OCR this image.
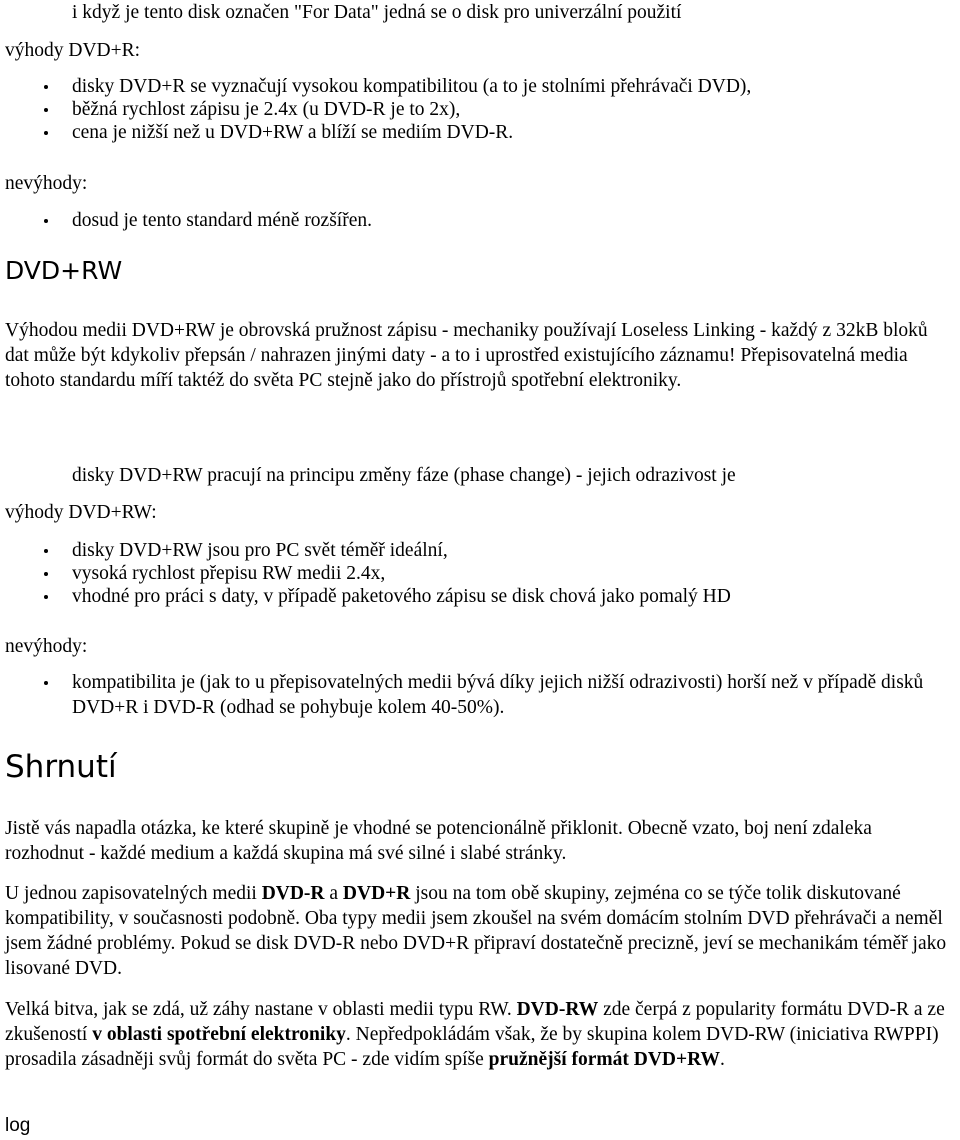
i když je tento disk označen "For Data" jedná se o disk pro univerzální použití
výhody DVD+R:
disky DVD+R se vyznačují vysokou kompatibilitou (a to je stolními přehrávači DVD),
běžná rychlost zápisu je 2.4x (u DVD-R je to 2x),
cena je nižší než u DVD+RW a blíží se mediím DVD-R.
nevýhody:
dosud je tento standard méně rozšířen.
DVD+RW

Výhodou medii DVD+RW je obrovská pružnost zápisu - mechaniky používají Loseless Linking - každý z 32kB bloků dat může být kdykoliv přepsán / nahrazen jinými daty - a to i uprostřed existujícího záznamu! Přepisovatelná media tohoto standardu míří taktéž do světa PC stejně jako do přístrojů spotřební elektroniky.

disky DVD+RW pracují na principu změny fáze (phase change) - jejich odrazivost je
výhody DVD+RW:
disky DVD+RW jsou pro PC svět téměř ideální,
vysoká rychlost přepisu RW medii 2.4x,
vhodné pro práci s daty, v případě paketového zápisu se disk chová jako pomalý HD
nevýhody:
kompatibilita je (jak to u přepisovatelných medii bývá díky jejich nižší odrazivosti) horší než v případě disků DVD+R i DVD-R (odhad se pohybuje kolem 40-50%).
Shrnutí

Jistě vás napadla otázka, ke které skupině je vhodné se potencionálně přiklonit. Obecně vzato, boj není zdaleka rozhodnut - každé medium a každá skupina má své silné i slabé stránky.

U jednou zapisovatelných medii DVD-R a DVD+R jsou na tom obě skupiny, zejména co se týče tolik diskutované kompatibility, v současnosti podobně. Oba typy medii jsem zkoušel na svém domácím stolním DVD přehrávači a neměl jsem žádné problémy. Pokud se disk DVD-R nebo DVD+R připraví dostatečně precizně, jeví se mechanikám téměř jako lisované DVD.

Velká bitva, jak se zdá, už záhy nastane v oblasti medii typu RW. DVD-RW zde čerpá z popularity formátu DVD-R a ze zkušeností v oblasti spotřební elektroniky. Nepředpokládám však, že by skupina kolem DVD-RW (iniciativa RWPPI) prosadila zásadněji svůj formát do světa PC - zde vidím spíše pružnější formát DVD+RW.

log
